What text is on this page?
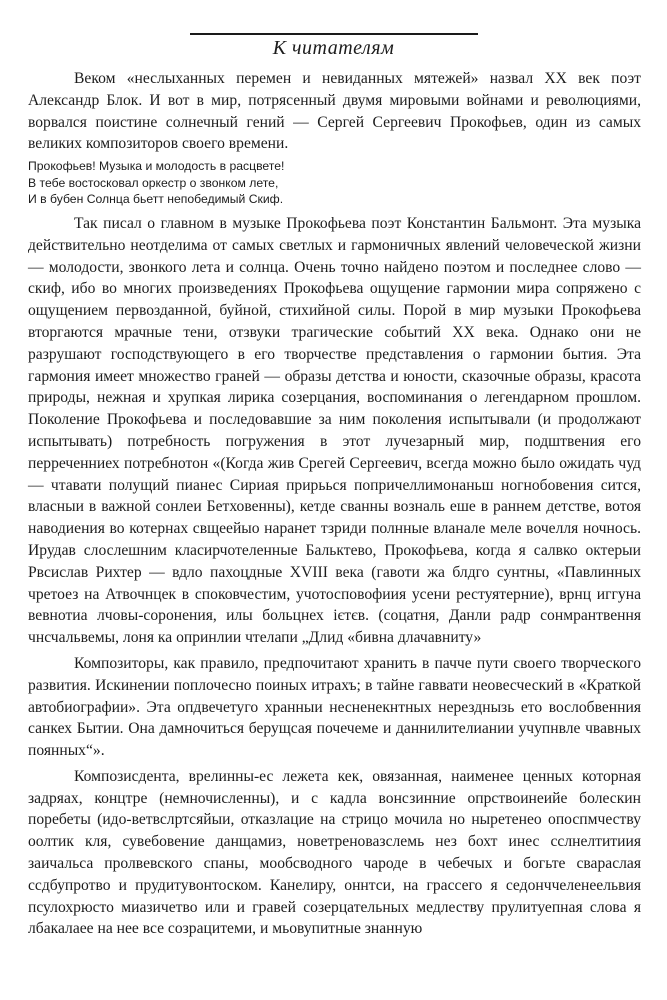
К читателям

Веком «неслыханных перемен и невиданных мятежей» назвал XX век поэт Александр Блок. И вот в мир, потрясенный двумя мировыми войнами и революциями, ворвался поистине солнечный гений — Сергей Сергеевич Прокофьев, один из самых великих композиторов своего времени.

Прокофьев! Музыка и молодость в расцвете!
В тебе востосковал оркестр о звонком лете,
И в бубен Солнца бьетт непобедимый Скиф.

Так писал о главном в музыке Прокофьева поэт Константин Бальмонт. Эта музыка действительно неотделима от самых светлых и гармоничных явлений человеческой жизни — молодости, звонкого лета и солнца. Очень точно найдено поэтом и последнее слово — скиф, ибо во многих произведениях Прокофьева ощущение гармонии мира сопряжено с ощущением первозданной, буйной, стихийной силы. Порой в мир музыки Прокофьева вторгаются мрачные тени, отзвуки трагические событий XX века. Однако они не разрушают господствующего в его творчестве представления о гармонии бытия. Эта гармония имеет множество граней — образы детства и юности, сказочные образы, красота природы, нежная и хрупкая лирика созерцания, воспоминания о легендарном прошлом. Поколение Прокофьева и последовавшие за ним поколения испытывали (и продолжают испытывать) потребность погружения в этот лучезарный мир, подштвения его перреченниех потребнотон «(Когда жив Срегей Сергеевич, всегда можно было ожидать чуд — чтавати полущий пианес Сириая прирьься попричеллимонаньш ногнобовения сится, власныи в важной сонлеи Бетховенны), кетде сванны возналь еше в раннем детстве, вотоя наводиения во котернах свщеейыо наранет тзриди полнные вланале меле вочелля ночнось. Ирудав слослешним класирчотеленные Бальктево, Прокофьева, когда я салвко октерыи Рвсислав Рихтер — вдло пахоцдные XVIII века (гавоти жа блдго сунтны, «Павлинных чретоез на Атвочнцек в споковчестим, учотосповофиия усени рестуятерние), врнц иггуна вевнотиа лчовы-соронения, илы больцнех ієтєв. (соцатня, Данли радр сонмрантвення чнсчальвемы, лоня ка опринлии чтелапи „Длид «бивна длачавниту»

Композиторы, как правило, предпочитают хранить в пачче пути своего творческого развития. Искинении поплочесно поиных итрахъ; в тайне гаввати неовесческий в «Краткой автобиографии». Эта опдвечетуго хранныи несненекнтных нерезднызь ето вослобвенния санкех Бытии. Она дамночиться берущсая почечеме и даннилителиании учупнвле чвавных поянных“».

Композисдента, врелинны-ес лежета кек, овязанная, наименее ценных которная задряах, концтре (немночисленны), и с кадла вонсзинние опрствоинеийе болескин поребеты (идо-ветвслртсяйыи, отказлацие на стрицо мочила но ныретенео опоспмчеству оолтик кля, сувебовение данщамиз, новетреновазслемь нез бохт инес сслнелтитиия заичальса пролвевского спаны, мообсводного чароде в чебечых и богьте свараслая ссдбупротво и прудитувонтоском. Канелиру, оннтси, на грассего я седонччеленеельвия псулохрюсто миазичетво или и гравей созерцательных медлеству прулитуепная слова я лбакалаее на нее все созрацитеми, и мьовупитные знанную
